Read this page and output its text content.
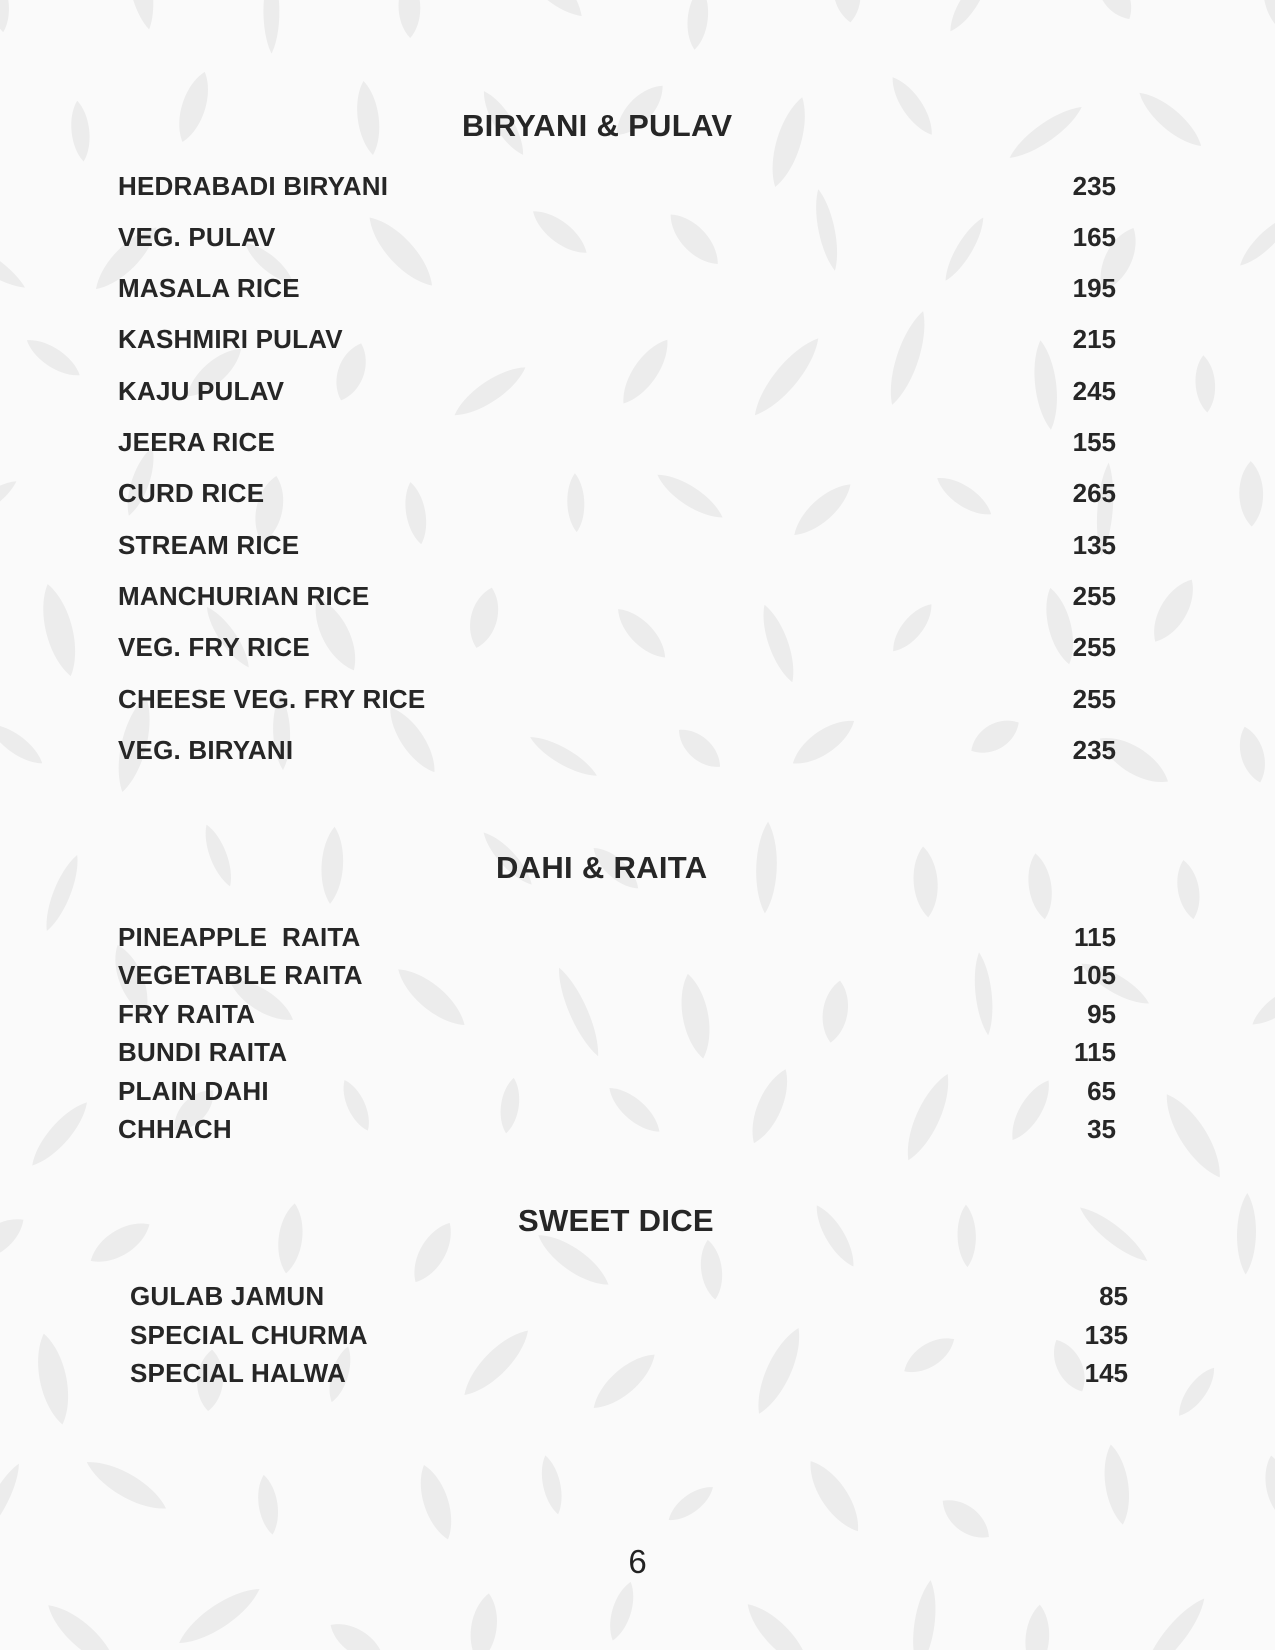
BIRYANI & PULAV
HEDRABADI BIRYANI	235
VEG. PULAV	165
MASALA RICE	195
KASHMIRI PULAV	215
KAJU PULAV	245
JEERA RICE	155
CURD RICE	265
STREAM RICE	135
MANCHURIAN RICE	255
VEG. FRY RICE	255
CHEESE VEG. FRY RICE	255
VEG. BIRYANI	235
DAHI & RAITA
PINEAPPLE  RAITA	115
VEGETABLE RAITA	105
FRY RAITA	95
BUNDI RAITA	115
PLAIN DAHI	65
CHHACH	35
SWEET DICE
GULAB JAMUN	85
SPECIAL CHURMA	135
SPECIAL HALWA	145
6
